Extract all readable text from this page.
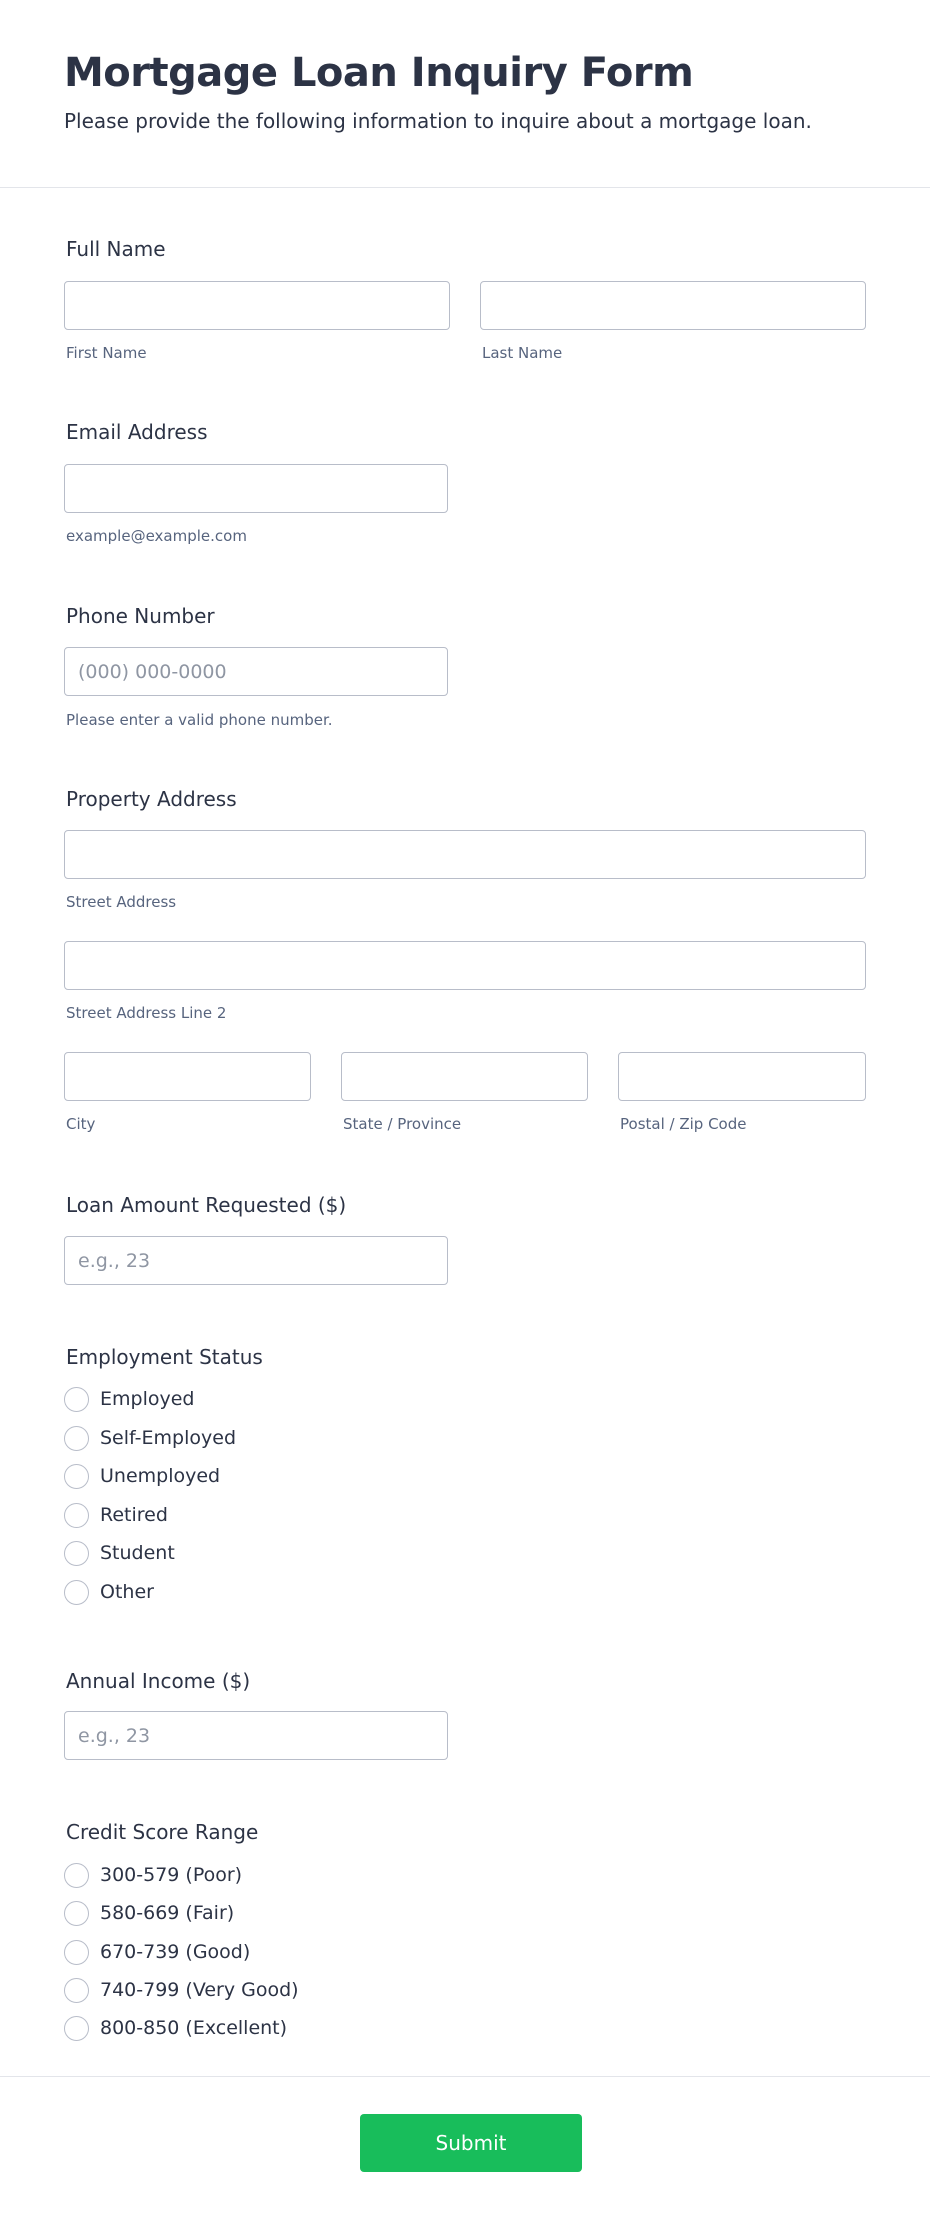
Mortgage Loan Inquiry Form
Please provide the following information to inquire about a mortgage loan.
Full Name
First Name	Last Name
Email Address
example@example.com
Phone Number
(000) 000-0000
Please enter a valid phone number.
Property Address
Street Address
Street Address Line 2
City	State / Province	Postal / Zip Code
Loan Amount Requested ($)
e.g., 23
Employment Status
Employed
Self-Employed
Unemployed
Retired
Student
Other
Annual Income ($)
e.g., 23
Credit Score Range
300-579 (Poor)
580-669 (Fair)
670-739 (Good)
740-799 (Very Good)
800-850 (Excellent)
Submit
